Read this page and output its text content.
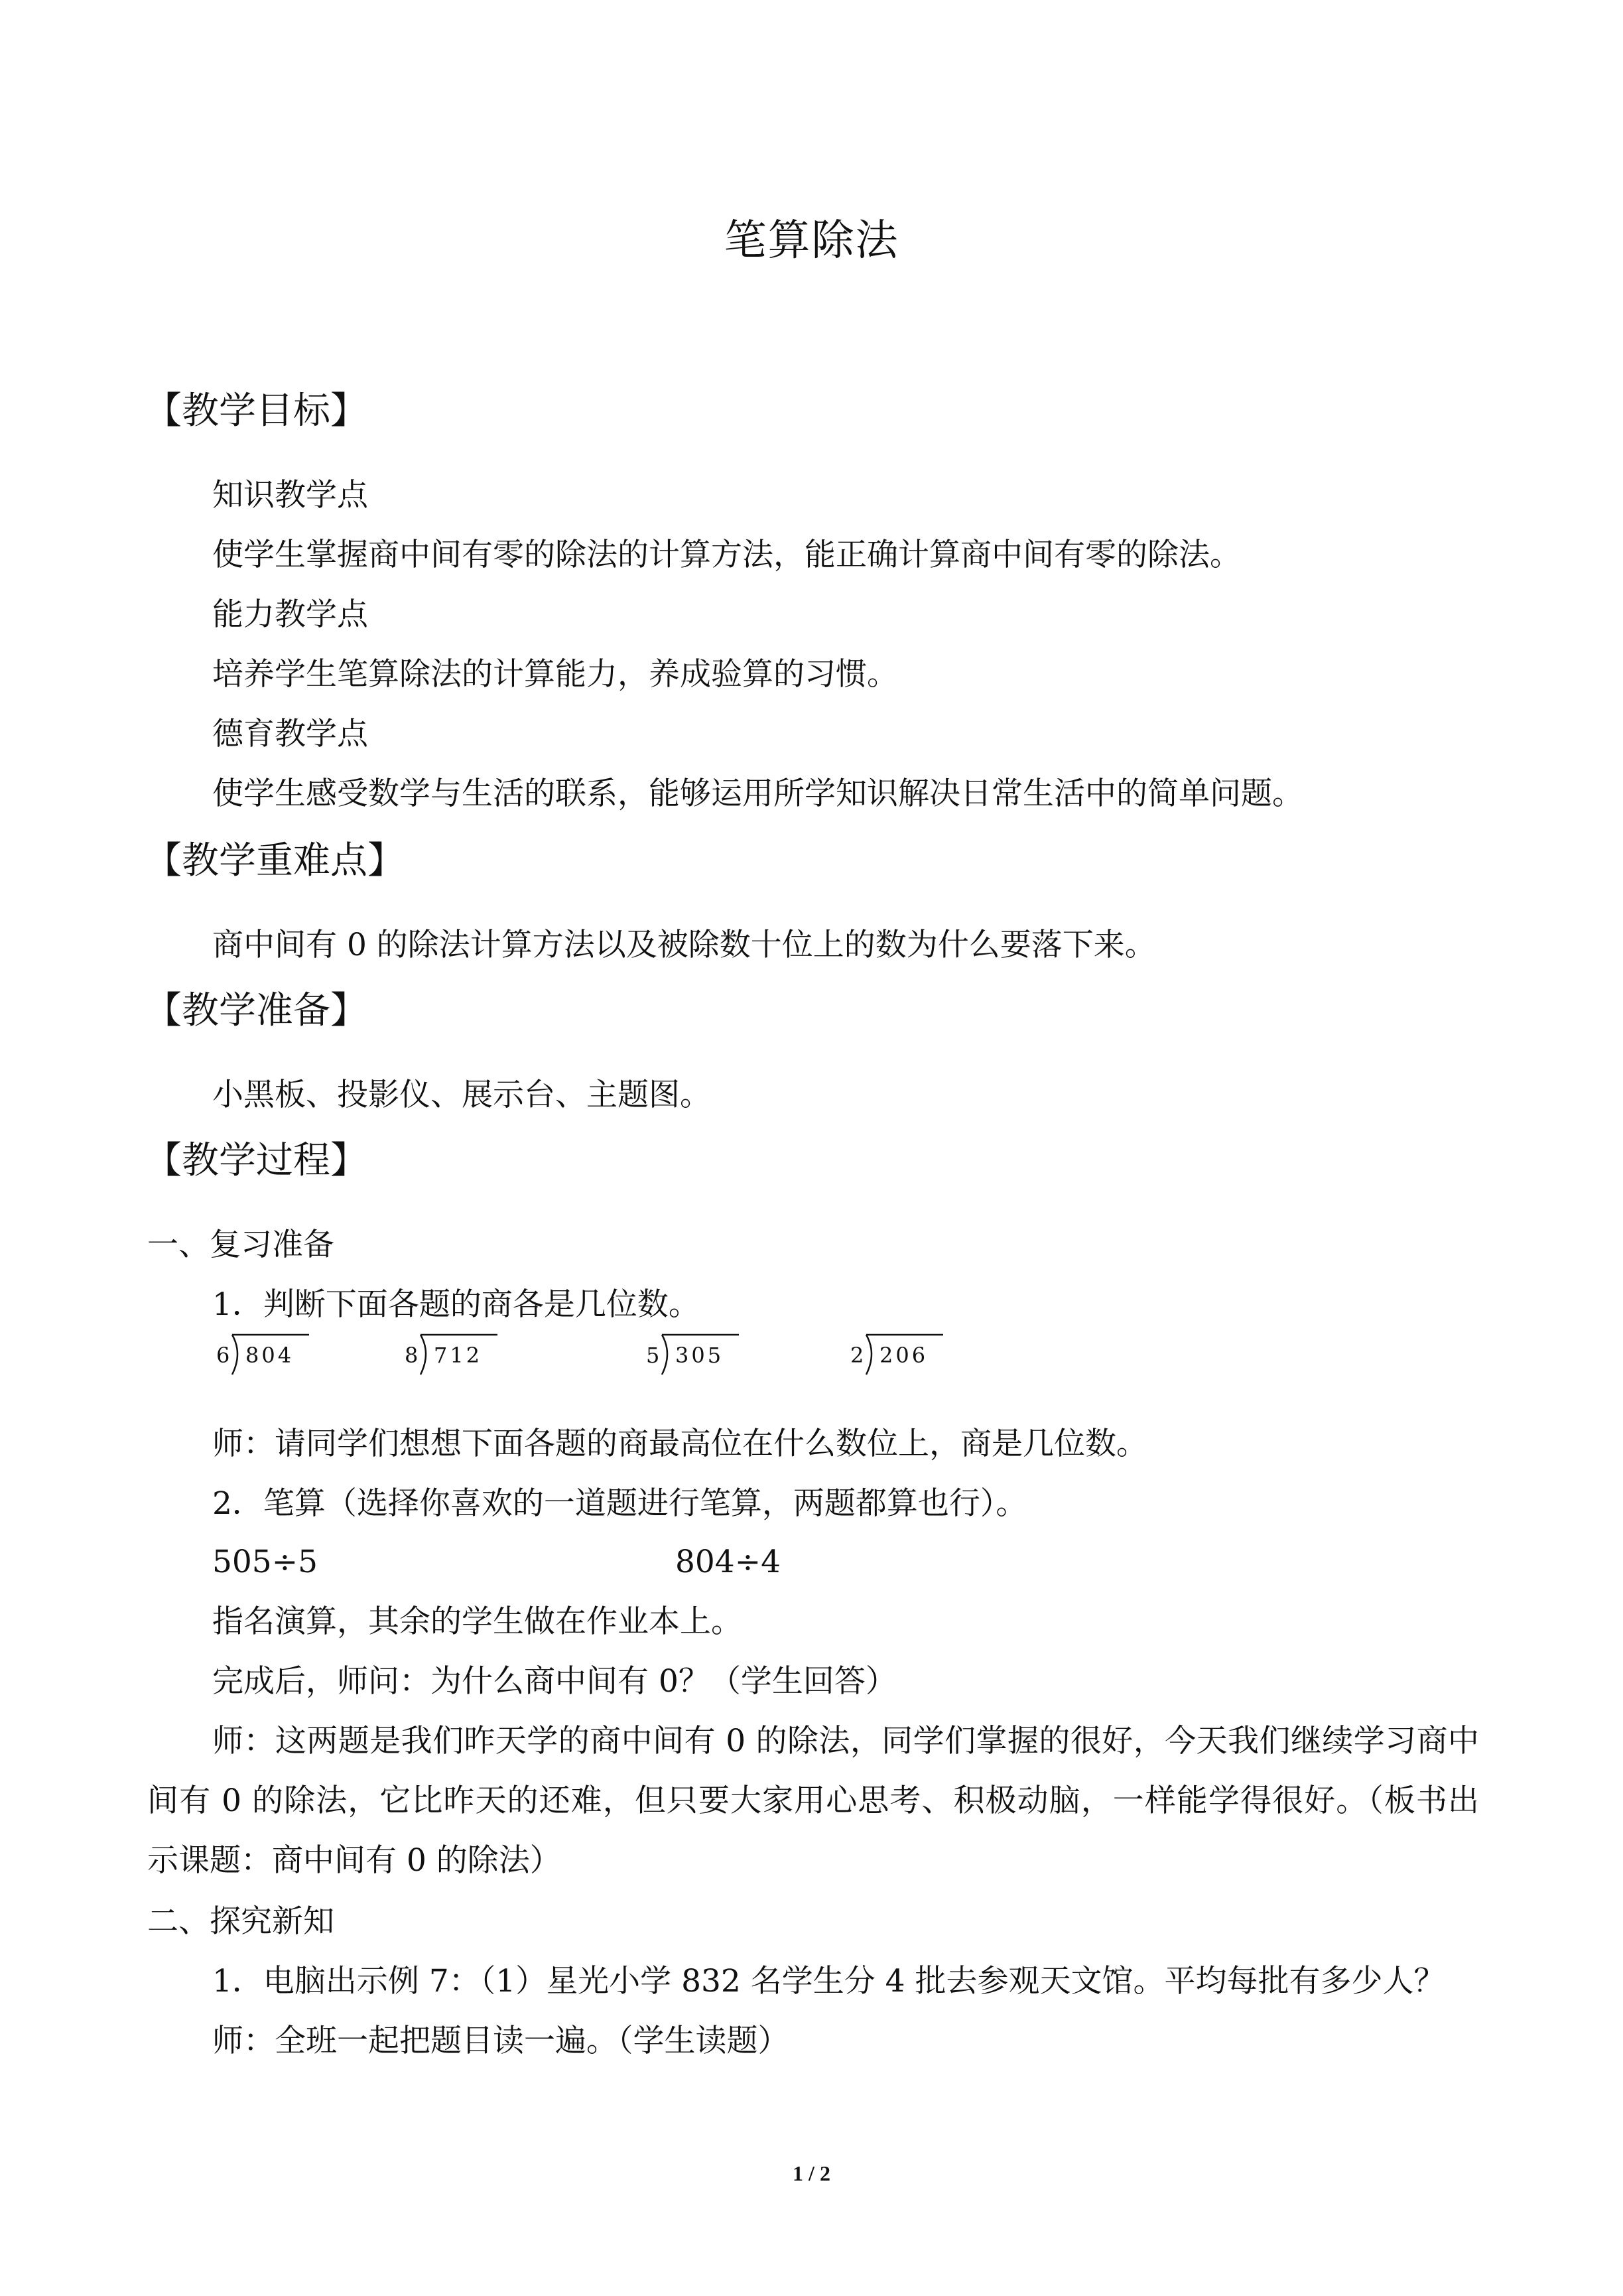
笔算除法
【教学目标】
知识教学点
使学生掌握商中间有零的除法的计算方法，能正确计算商中间有零的除法。
能力教学点
培养学生笔算除法的计算能力，养成验算的习惯。
德育教学点
使学生感受数学与生活的联系，能够运用所学知识解决日常生活中的简单问题。
【教学重难点】
商中间有 0 的除法计算方法以及被除数十位上的数为什么要落下来。
【教学准备】
小黑板、投影仪、展示台、主题图。
【教学过程】
一、复习准备
1．判断下面各题的商各是几位数。
6 804	8 712	5 305	2 206
师：请同学们想想下面各题的商最高位在什么数位上，商是几位数。
2．笔算（选择你喜欢的一道题进行笔算，两题都算也行）。
505÷5	804÷4
指名演算，其余的学生做在作业本上。
完成后，师问：为什么商中间有 0？（学生回答）
师：这两题是我们昨天学的商中间有 0 的除法，同学们掌握的很好，今天我们继续学习商中间有 0 的除法，它比昨天的还难，但只要大家用心思考、积极动脑，一样能学得很好。（板书出示课题：商中间有 0 的除法）
二、探究新知
1．电脑出示例 7：（1）星光小学 832 名学生分 4 批去参观天文馆。平均每批有多少人？
师：全班一起把题目读一遍。（学生读题）
1 / 2
